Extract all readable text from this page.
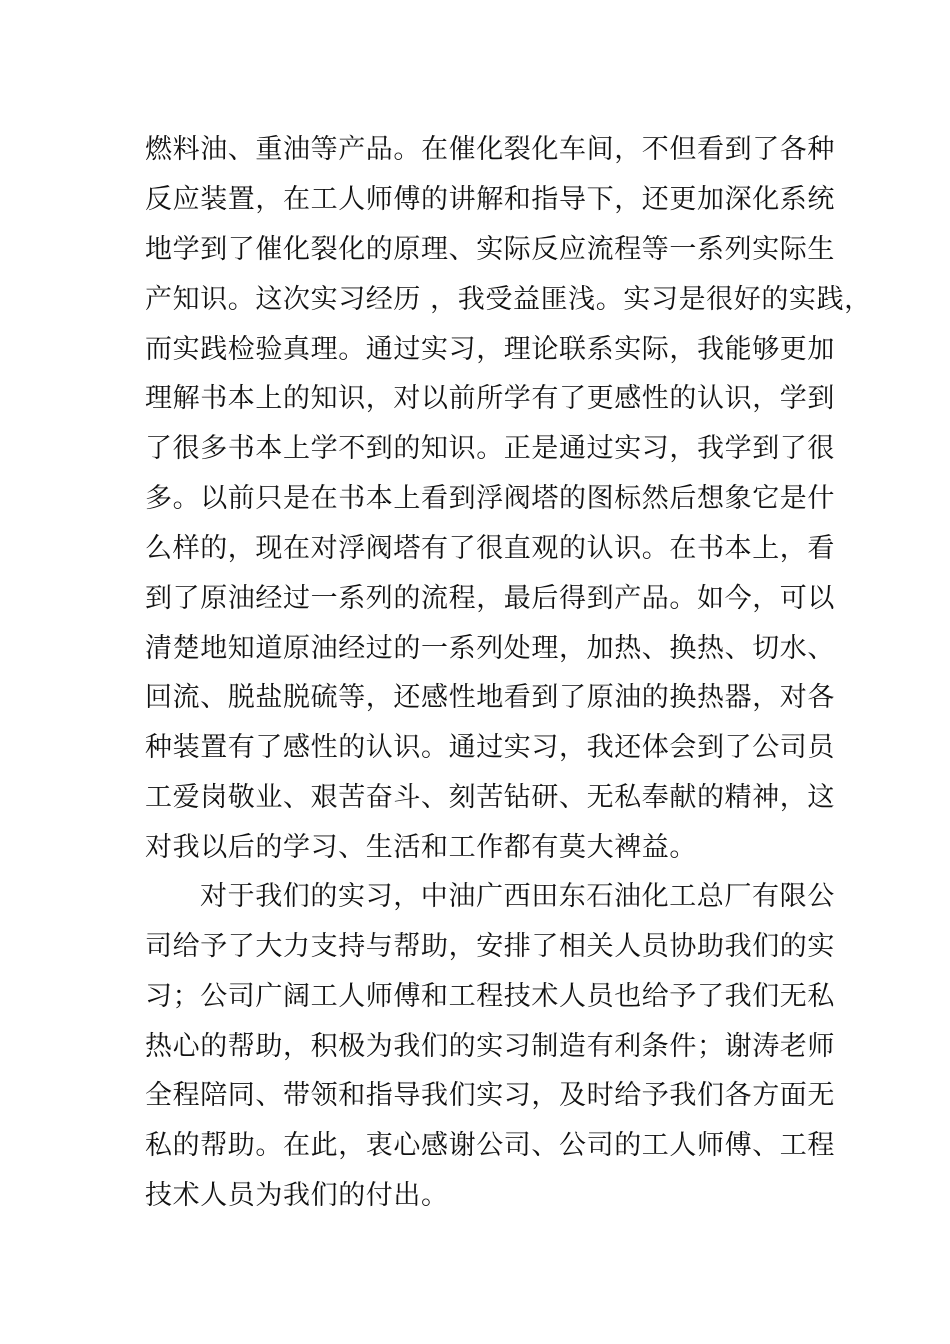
燃料油、重油等产品。在催化裂化车间，不但看到了各种
反应装置，在工人师傅的讲解和指导下，还更加深化系统
地学到了催化裂化的原理、实际反应流程等一系列实际生
产知识。这次实习经历 ，我受益匪浅。实习是很好的实践，
而实践检验真理。通过实习，理论联系实际，我能够更加
理解书本上的知识，对以前所学有了更感性的认识，学到
了很多书本上学不到的知识。正是通过实习，我学到了很
多。以前只是在书本上看到浮阀塔的图标然后想象它是什
么样的，现在对浮阀塔有了很直观的认识。在书本上，看
到了原油经过一系列的流程，最后得到产品。如今，可以
清楚地知道原油经过的一系列处理，加热、换热、切水、
回流、脱盐脱硫等，还感性地看到了原油的换热器，对各
种装置有了感性的认识。通过实习，我还体会到了公司员
工爱岗敬业、艰苦奋斗、刻苦钻研、无私奉献的精神，这
对我以后的学习、生活和工作都有莫大裨益。
对于我们的实习，中油广西田东石油化工总厂有限公
司给予了大力支持与帮助，安排了相关人员协助我们的实
习；公司广阔工人师傅和工程技术人员也给予了我们无私
热心的帮助，积极为我们的实习制造有利条件；谢涛老师
全程陪同、带领和指导我们实习，及时给予我们各方面无
私的帮助。在此，衷心感谢公司、公司的工人师傅、工程
技术人员为我们的付出。
